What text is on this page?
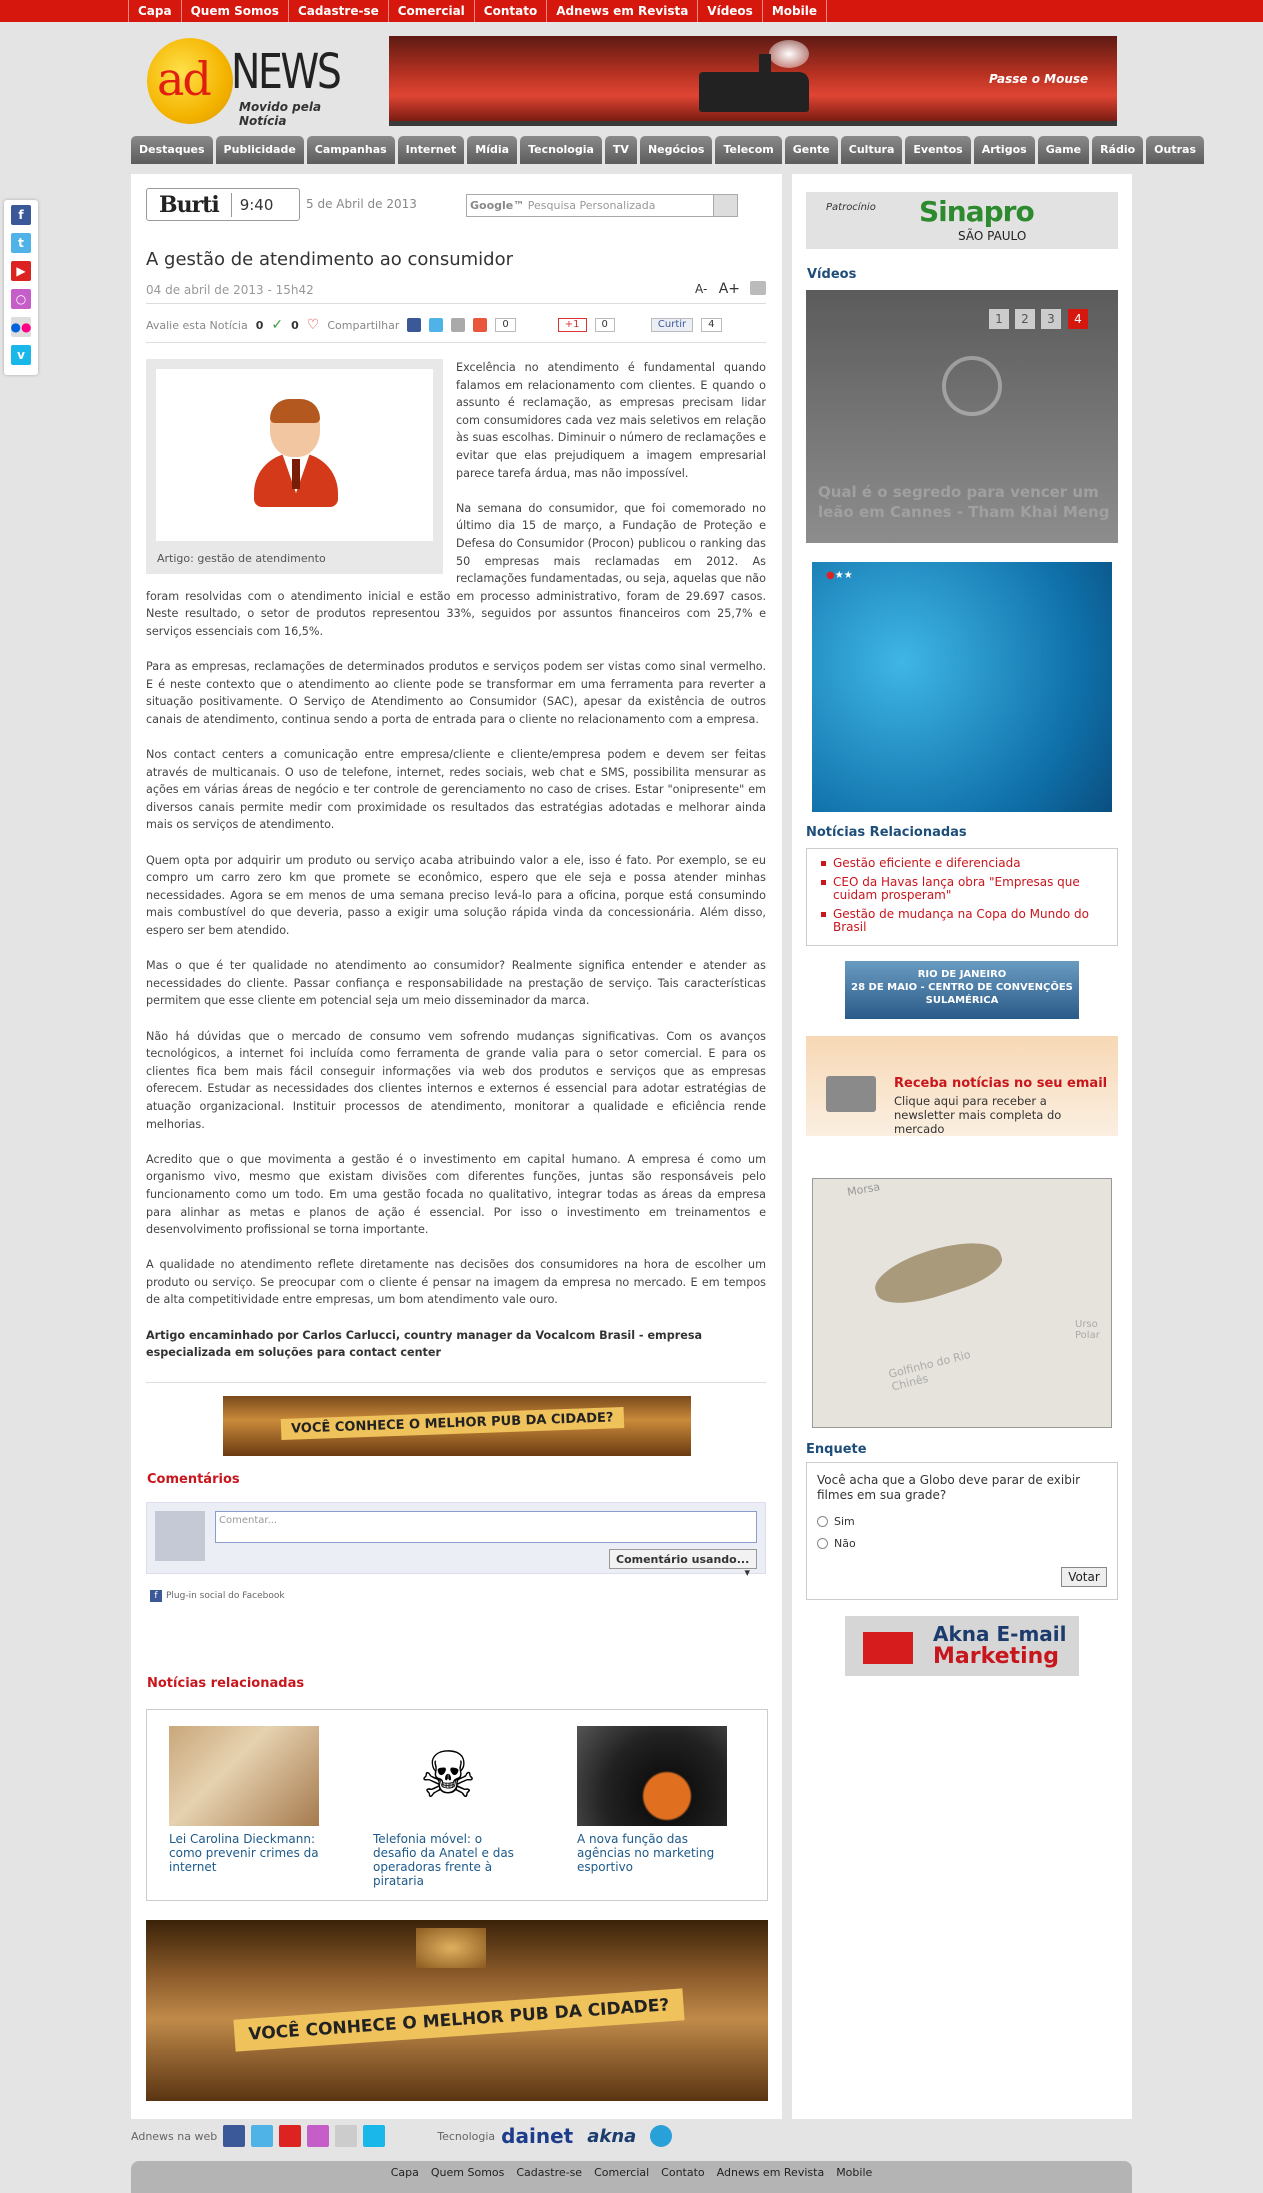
Capa	Quem Somos	Cadastre-se	Comercial	Contato	Adnews em Revista	Vídeos	Mobile
ad NEWS
Movido pela Notícia
Passe o Mouse
Destaques	Publicidade	Campanhas	Internet	Mídia	Tecnologia	TV	Negócios	Telecom	Gente	Cultura	Eventos	Artigos	Game	Rádio	Outras
f
t
▶
○
● ●
v
Burti	9:40	5 de Abril de 2013	Google™ Pesquisa Personalizada
A gestão de atendimento ao consumidor
04 de abril de 2013 - 15h42	A- A+
Avalie esta Notícia 0 ✓ 0 ♡ Compartilhar	0	+1	0	Curtir	4
Artigo: gestão de atendimento

Excelência no atendimento é fundamental quando falamos em relacionamento com clientes. E quando o assunto é reclamação, as empresas precisam lidar com consumidores cada vez mais seletivos em relação às suas escolhas. Diminuir o número de reclamações e evitar que elas prejudiquem a imagem empresarial parece tarefa árdua, mas não impossível.

Na semana do consumidor, que foi comemorado no último dia 15 de março, a Fundação de Proteção e Defesa do Consumidor (Procon) publicou o ranking das 50 empresas mais reclamadas em 2012. As reclamações fundamentadas, ou seja, aquelas que não foram resolvidas com o atendimento inicial e estão em processo administrativo, foram de 29.697 casos. Neste resultado, o setor de produtos representou 33%, seguidos por assuntos financeiros com 25,7% e serviços essenciais com 16,5%.

Para as empresas, reclamações de determinados produtos e serviços podem ser vistas como sinal vermelho. E é neste contexto que o atendimento ao cliente pode se transformar em uma ferramenta para reverter a situação positivamente. O Serviço de Atendimento ao Consumidor (SAC), apesar da existência de outros canais de atendimento, continua sendo a porta de entrada para o cliente no relacionamento com a empresa.

Nos contact centers a comunicação entre empresa/cliente e cliente/empresa podem e devem ser feitas através de multicanais. O uso de telefone, internet, redes sociais, web chat e SMS, possibilita mensurar as ações em várias áreas de negócio e ter controle de gerenciamento no caso de crises. Estar "onipresente" em diversos canais permite medir com proximidade os resultados das estratégias adotadas e melhorar ainda mais os serviços de atendimento.

Quem opta por adquirir um produto ou serviço acaba atribuindo valor a ele, isso é fato. Por exemplo, se eu compro um carro zero km que promete se econômico, espero que ele seja e possa atender minhas necessidades. Agora se em menos de uma semana preciso levá-lo para a oficina, porque está consumindo mais combustível do que deveria, passo a exigir uma solução rápida vinda da concessionária. Além disso, espero ser bem atendido.

Mas o que é ter qualidade no atendimento ao consumidor? Realmente significa entender e atender as necessidades do cliente. Passar confiança e responsabilidade na prestação de serviço. Tais características permitem que esse cliente em potencial seja um meio disseminador da marca.

Não há dúvidas que o mercado de consumo vem sofrendo mudanças significativas. Com os avanços tecnológicos, a internet foi incluída como ferramenta de grande valia para o setor comercial. E para os clientes fica bem mais fácil conseguir informações via web dos produtos e serviços que as empresas oferecem. Estudar as necessidades dos clientes internos e externos é essencial para adotar estratégias de atuação organizacional. Instituir processos de atendimento, monitorar a qualidade e eficiência rende melhorias.

Acredito que o que movimenta a gestão é o investimento em capital humano. A empresa é como um organismo vivo, mesmo que existam divisões com diferentes funções, juntas são responsáveis pelo funcionamento como um todo. Em uma gestão focada no qualitativo, integrar todas as áreas da empresa para alinhar as metas e planos de ação é essencial. Por isso o investimento em treinamentos e desenvolvimento profissional se torna importante.

A qualidade no atendimento reflete diretamente nas decisões dos consumidores na hora de escolher um produto ou serviço. Se preocupar com o cliente é pensar na imagem da empresa no mercado. E em tempos de alta competitividade entre empresas, um bom atendimento vale ouro.

Artigo encaminhado por Carlos Carlucci, country manager da Vocalcom Brasil - empresa especializada em soluções para contact center

VOCÊ CONHECE O MELHOR PUB DA CIDADE?
Comentários
Comentar...
Comentário usando...
▾
f Plug-in social do Facebook
Notícias relacionadas
Lei Carolina Dieckmann: como prevenir crimes da internet
☠
Telefonia móvel: o desafio da Anatel e das operadoras frente à pirataria
A nova função das agências no marketing esportivo
VOCÊ CONHECE O MELHOR PUB DA CIDADE?
Patrocínio Sinapro
SÃO PAULO
Vídeos
1	2	3	4
Qual é o segredo para vencer um leão em Cannes - Tham Khai Meng
●★★
Notícias Relacionadas
Gestão eficiente e diferenciada
CEO da Havas lança obra "Empresas que cuidam prosperam"
Gestão de mudança na Copa do Mundo do Brasil
RIO DE JANEIRO
28 DE MAIO - CENTRO DE CONVENÇÕES
SULAMÉRICA
Receba notícias no seu email
Clique aqui para receber a newsletter mais completa do mercado
Morsa
Golfinho do Rio Chinês
Urso Polar
Enquete
Você acha que a Globo deve parar de exibir filmes em sua grade?
Sim
Não
Votar
Akna E-mail
Marketing
Adnews na web	Tecnologia dainet akna
Capa	Quem Somos	Cadastre-se	Comercial	Contato	Adnews em Revista	Mobile
